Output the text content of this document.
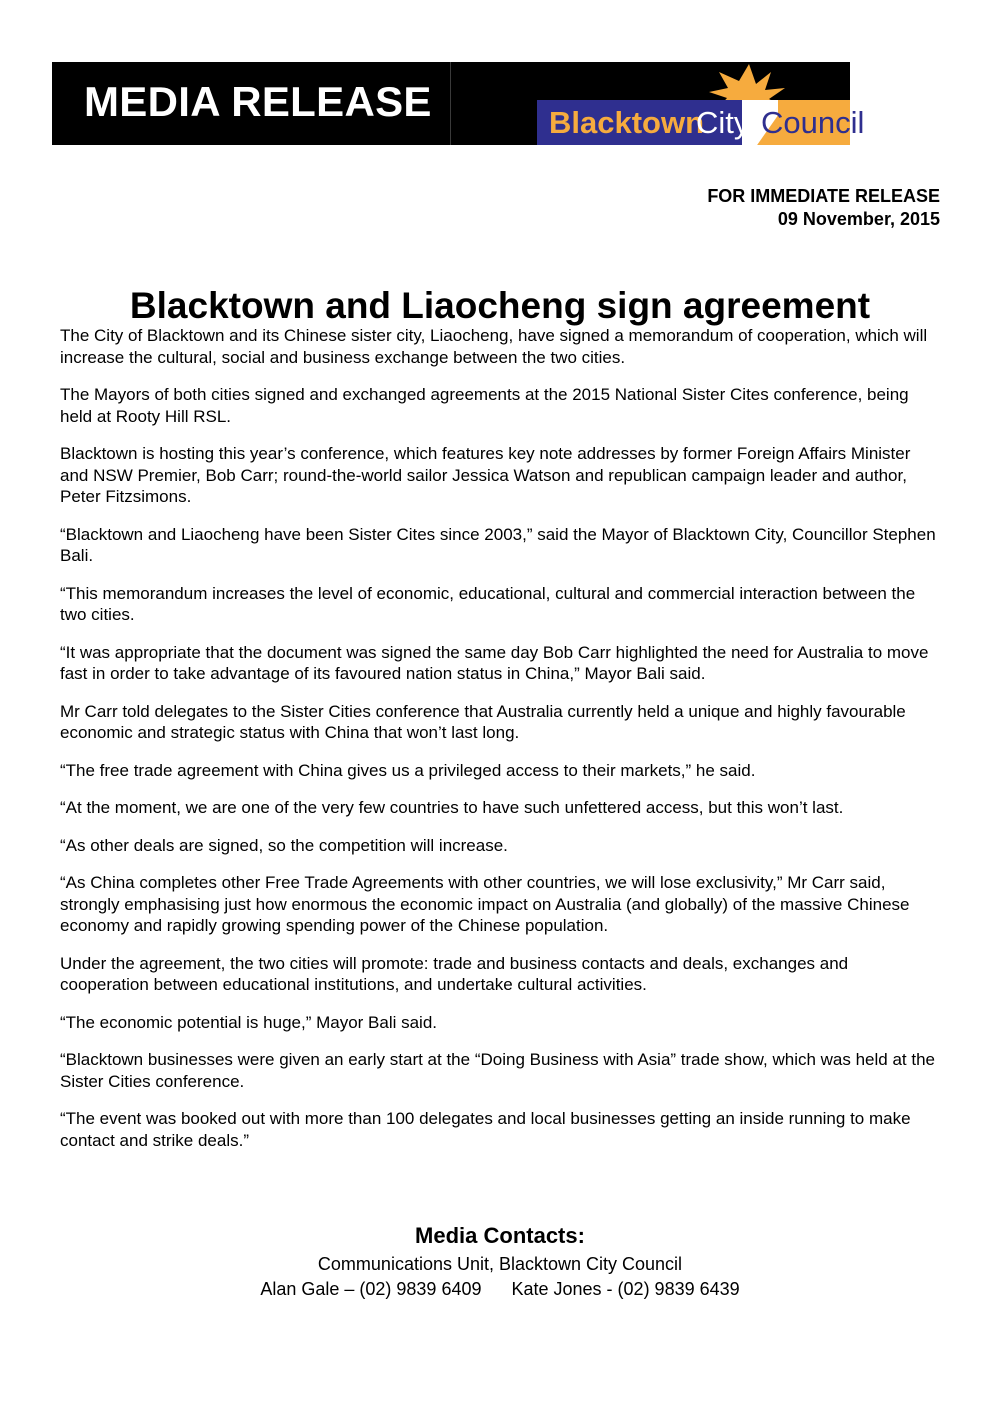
MEDIA RELEASE	Blacktown
City Council
FOR IMMEDIATE RELEASE
09 November, 2015
Blacktown and Liaocheng sign agreement

The City of Blacktown and its Chinese sister city, Liaocheng, have signed a memorandum of cooperation, which will increase the cultural, social and business exchange between the two cities.

The Mayors of both cities signed and exchanged agreements at the 2015 National Sister Cites conference, being held at Rooty Hill RSL.

Blacktown is hosting this year’s conference, which features key note addresses by former Foreign Affairs Minister and NSW Premier, Bob Carr; round-the-world sailor Jessica Watson and republican campaign leader and author, Peter Fitzsimons.

“Blacktown and Liaocheng have been Sister Cites since 2003,” said the Mayor of Blacktown City, Councillor Stephen Bali.

“This memorandum increases the level of economic, educational, cultural and commercial interaction between the two cities.

“It was appropriate that the document was signed the same day Bob Carr highlighted the need for Australia to move fast in order to take advantage of its favoured nation status in China,” Mayor Bali said.

Mr Carr told delegates to the Sister Cities conference that Australia currently held a unique and highly favourable economic and strategic status with China that won’t last long.

“The free trade agreement with China gives us a privileged access to their markets,” he said.

“At the moment, we are one of the very few countries to have such unfettered access, but this won’t last.

“As other deals are signed, so the competition will increase.

“As China completes other Free Trade Agreements with other countries, we will lose exclusivity,” Mr Carr said, strongly emphasising just how enormous the economic impact on Australia (and globally) of the massive Chinese economy and rapidly growing spending power of the Chinese population.

Under the agreement, the two cities will promote: trade and business contacts and deals, exchanges and cooperation between educational institutions, and undertake cultural activities.

“The economic potential is huge,” Mayor Bali said.

“Blacktown businesses were given an early start at the “Doing Business with Asia” trade show, which was held at the Sister Cities conference.

“The event was booked out with more than 100 delegates and local businesses getting an inside running to make contact and strike deals.”

Media Contacts:
Communications Unit, Blacktown City Council
Alan Gale – (02) 9839 6409      Kate Jones - (02) 9839 6439
